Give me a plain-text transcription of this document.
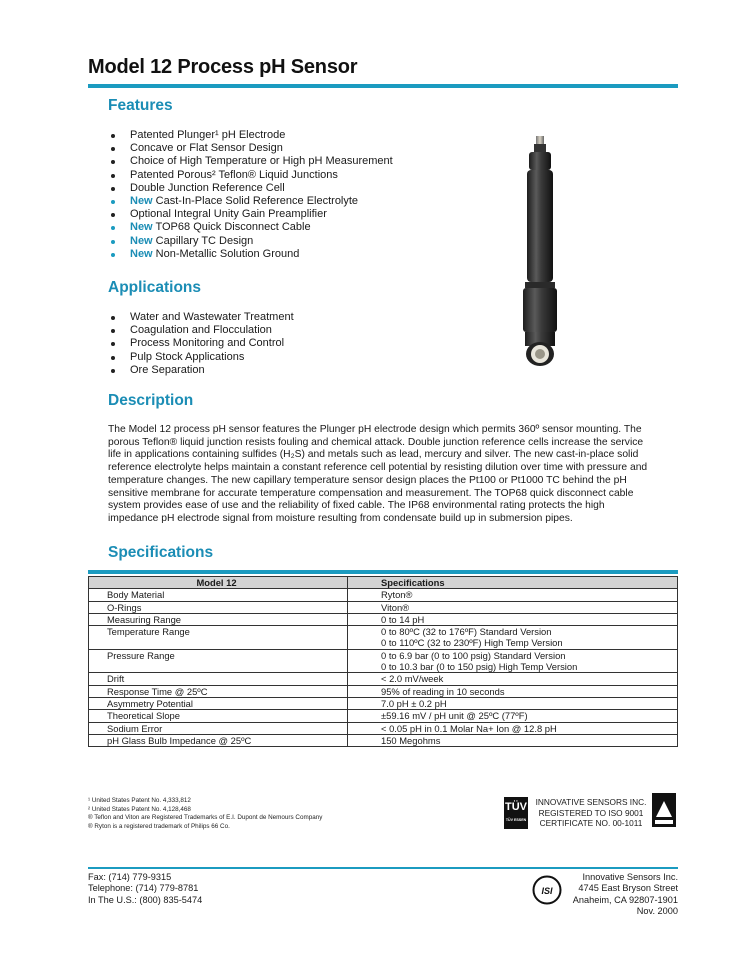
Model 12 Process pH Sensor
Features
Patented Plunger¹ pH Electrode
Concave or Flat Sensor Design
Choice of High Temperature or High pH Measurement
Patented Porous² Teflon® Liquid Junctions
Double Junction Reference Cell
New Cast-In-Place Solid Reference Electrolyte
Optional Integral Unity Gain Preamplifier
New TOP68 Quick Disconnect Cable
New Capillary TC Design
New Non-Metallic Solution Ground
Applications
Water and Wastewater Treatment
Coagulation and Flocculation
Process Monitoring and Control
Pulp Stock Applications
Ore Separation
Description

The Model 12 process pH sensor features the Plunger pH electrode design which permits 360º sensor mounting. The
porous Teflon® liquid junction resists fouling and chemical attack. Double junction reference cells increase the service
life in applications containing sulfides (H₂S) and metals such as lead, mercury and silver. The new cast-in-place solid
reference electrolyte helps maintain a constant reference cell potential by resisting dilution over time with pressure and
temperature changes. The new capillary temperature sensor design places the Pt100 or Pt1000 TC behind the pH
sensitive membrane for accurate temperature compensation and measurement. The TOP68 quick disconnect cable
system provides ease of use and the reliability of fixed cable. The IP68 environmental rating protects the high
impedance pH electrode signal from moisture resulting from condensate build up in submersion pipes.

Specifications
Model 12	Specifications
Body Material	Ryton®

O-Rings	Viton®

Measuring Range	0 to 14 pH

Temperature Range	0 to 80ºC (32 to 176ºF) Standard Version
0 to 110ºC (32 to 230ºF) High Temp Version

Pressure Range	0 to 6.9 bar (0 to 100 psig) Standard Version
0 to 10.3 bar (0 to 150 psig) High Temp Version

Drift	< 2.0 mV/week

Response Time @ 25ºC	95% of reading in 10 seconds

Asymmetry Potential	7.0 pH ± 0.2 pH

Theoretical Slope	±59.16 mV / pH unit @ 25ºC (77ºF)

Sodium Error	< 0.05 pH in 0.1 Molar Na+ Ion @ 12.8 pH

pH Glass Bulb Impedance @ 25ºC	150 Megohms
¹ United States Patent No. 4,333,812
² United States Patent No. 4,128,468
® Teflon and Viton are Registered Trademarks of E.I. Dupont de Nemours Company
® Ryton is a registered trademark of Philips 66 Co.
TÜV
TÜV ESSEN
INNOVATIVE SENSORS INC.
REGISTERED TO ISO 9001
CERTIFICATE NO. 00-1011
Fax: (714) 779-9315
Telephone: (714) 779-8781
In The U.S.: (800) 835-5474
ISI
Innovative Sensors Inc.
4745 East Bryson Street
Anaheim, CA 92807-1901
Nov. 2000
